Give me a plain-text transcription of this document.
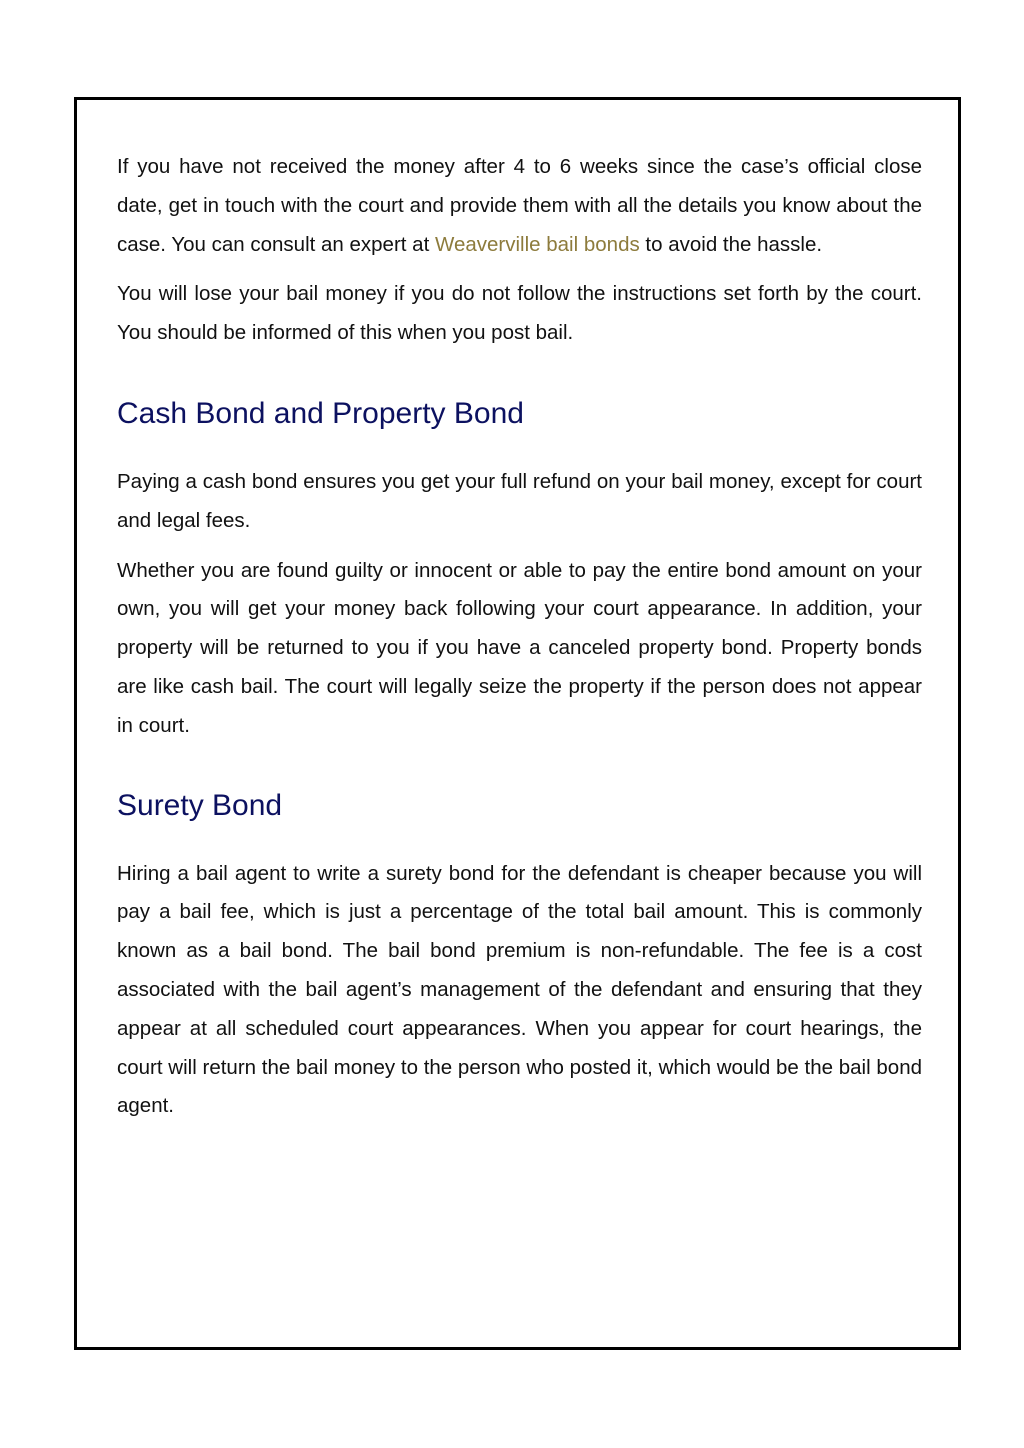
If you have not received the money after 4 to 6 weeks since the case’s official close date, get in touch with the court and provide them with all the details you know about the case. You can consult an expert at Weaverville bail bonds to avoid the hassle.

You will lose your bail money if you do not follow the instructions set forth by the court. You should be informed of this when you post bail.

Cash Bond and Property Bond

Paying a cash bond ensures you get your full refund on your bail money, except for court and legal fees.

Whether you are found guilty or innocent or able to pay the entire bond amount on your own, you will get your money back following your court appearance. In addition, your property will be returned to you if you have a canceled property bond. Property bonds are like cash bail. The court will legally seize the property if the person does not appear in court.

Surety Bond

Hiring a bail agent to write a surety bond for the defendant is cheaper because you will pay a bail fee, which is just a percentage of the total bail amount. This is commonly known as a bail bond. The bail bond premium is non-refundable. The fee is a cost associated with the bail agent’s management of the defendant and ensuring that they appear at all scheduled court appearances. When you appear for court hearings, the court will return the bail money to the person who posted it, which would be the bail bond agent.
